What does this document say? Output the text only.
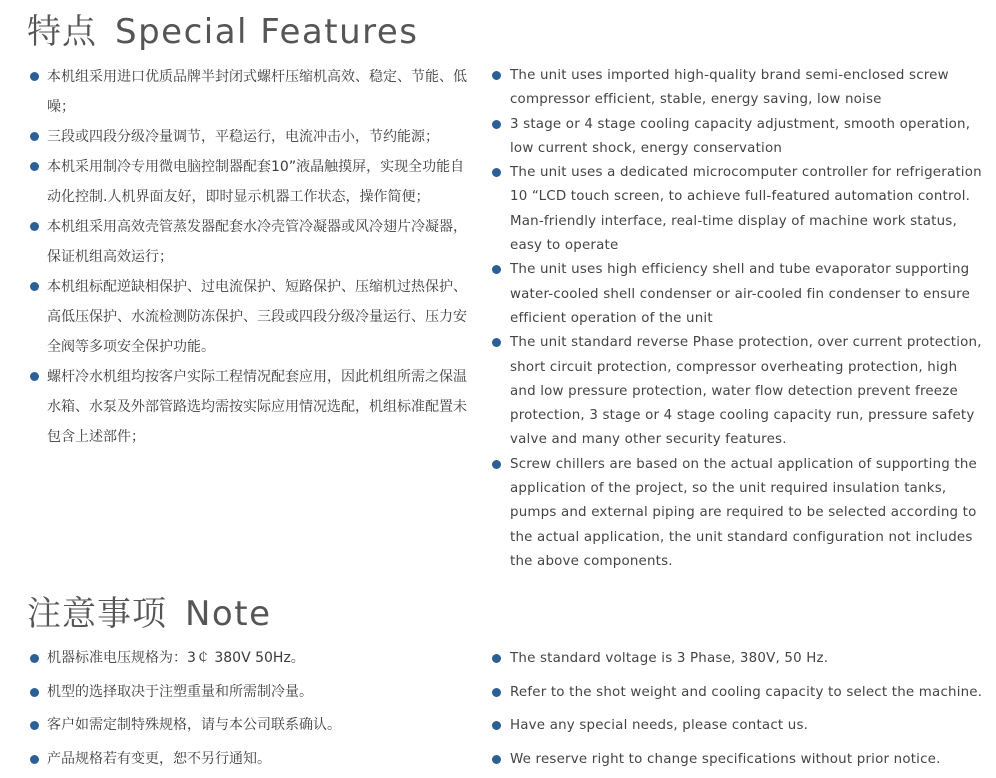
特点 Special Features
本机组采用进口优质品牌半封闭式螺杆压缩机高效、稳定、节能、低噪；
三段或四段分级冷量调节，平稳运行，电流冲击小，节约能源；
本机采用制冷专用微电脑控制器配套10”液晶触摸屏，实现全功能自动化控制.人机界面友好，即时显示机器工作状态，操作简便；
本机组采用高效壳管蒸发器配套水冷壳管冷凝器或风冷翅片冷凝器，保证机组高效运行；
本机组标配逆缺相保护、过电流保护、短路保护、压缩机过热保护、高低压保护、水流检测防冻保护、三段或四段分级冷量运行、压力安全阀等多项安全保护功能。
螺杆冷水机组均按客户实际工程情况配套应用，因此机组所需之保温水箱、水泵及外部管路选均需按实际应用情况选配，机组标准配置未包含上述部件；
The unit uses imported high-quality brand semi-enclosed screw compressor efficient, stable, energy saving, low noise
3 stage or 4 stage cooling capacity adjustment, smooth operation, low current shock, energy conservation
The unit uses a dedicated microcomputer controller for refrigeration 10 “LCD touch screen, to achieve full-featured automation control. Man-friendly interface, real-time display of machine work status, easy to operate
The unit uses high efficiency shell and tube evaporator supporting water-cooled shell condenser or air-cooled fin condenser to ensure efficient operation of the unit
The unit standard reverse Phase protection, over current protection, short circuit protection, compressor overheating protection, high and low pressure protection, water flow detection prevent freeze protection, 3 stage or 4 stage cooling capacity run, pressure safety valve and many other security features.
Screw chillers are based on the actual application of supporting the application of the project, so the unit required insulation tanks, pumps and external piping are required to be selected according to the actual application, the unit standard configuration not includes the above components.
注意事项 Note
机器标准电压规格为：3￠ 380V 50Hz。
机型的选择取决于注塑重量和所需制冷量。
客户如需定制特殊规格，请与本公司联系确认。
产品规格若有变更，恕不另行通知。
The standard voltage is 3 Phase, 380V, 50 Hz.
Refer to the shot weight and cooling capacity to select the machine.
Have any special needs, please contact us.
We reserve right to change specifications without prior notice.
